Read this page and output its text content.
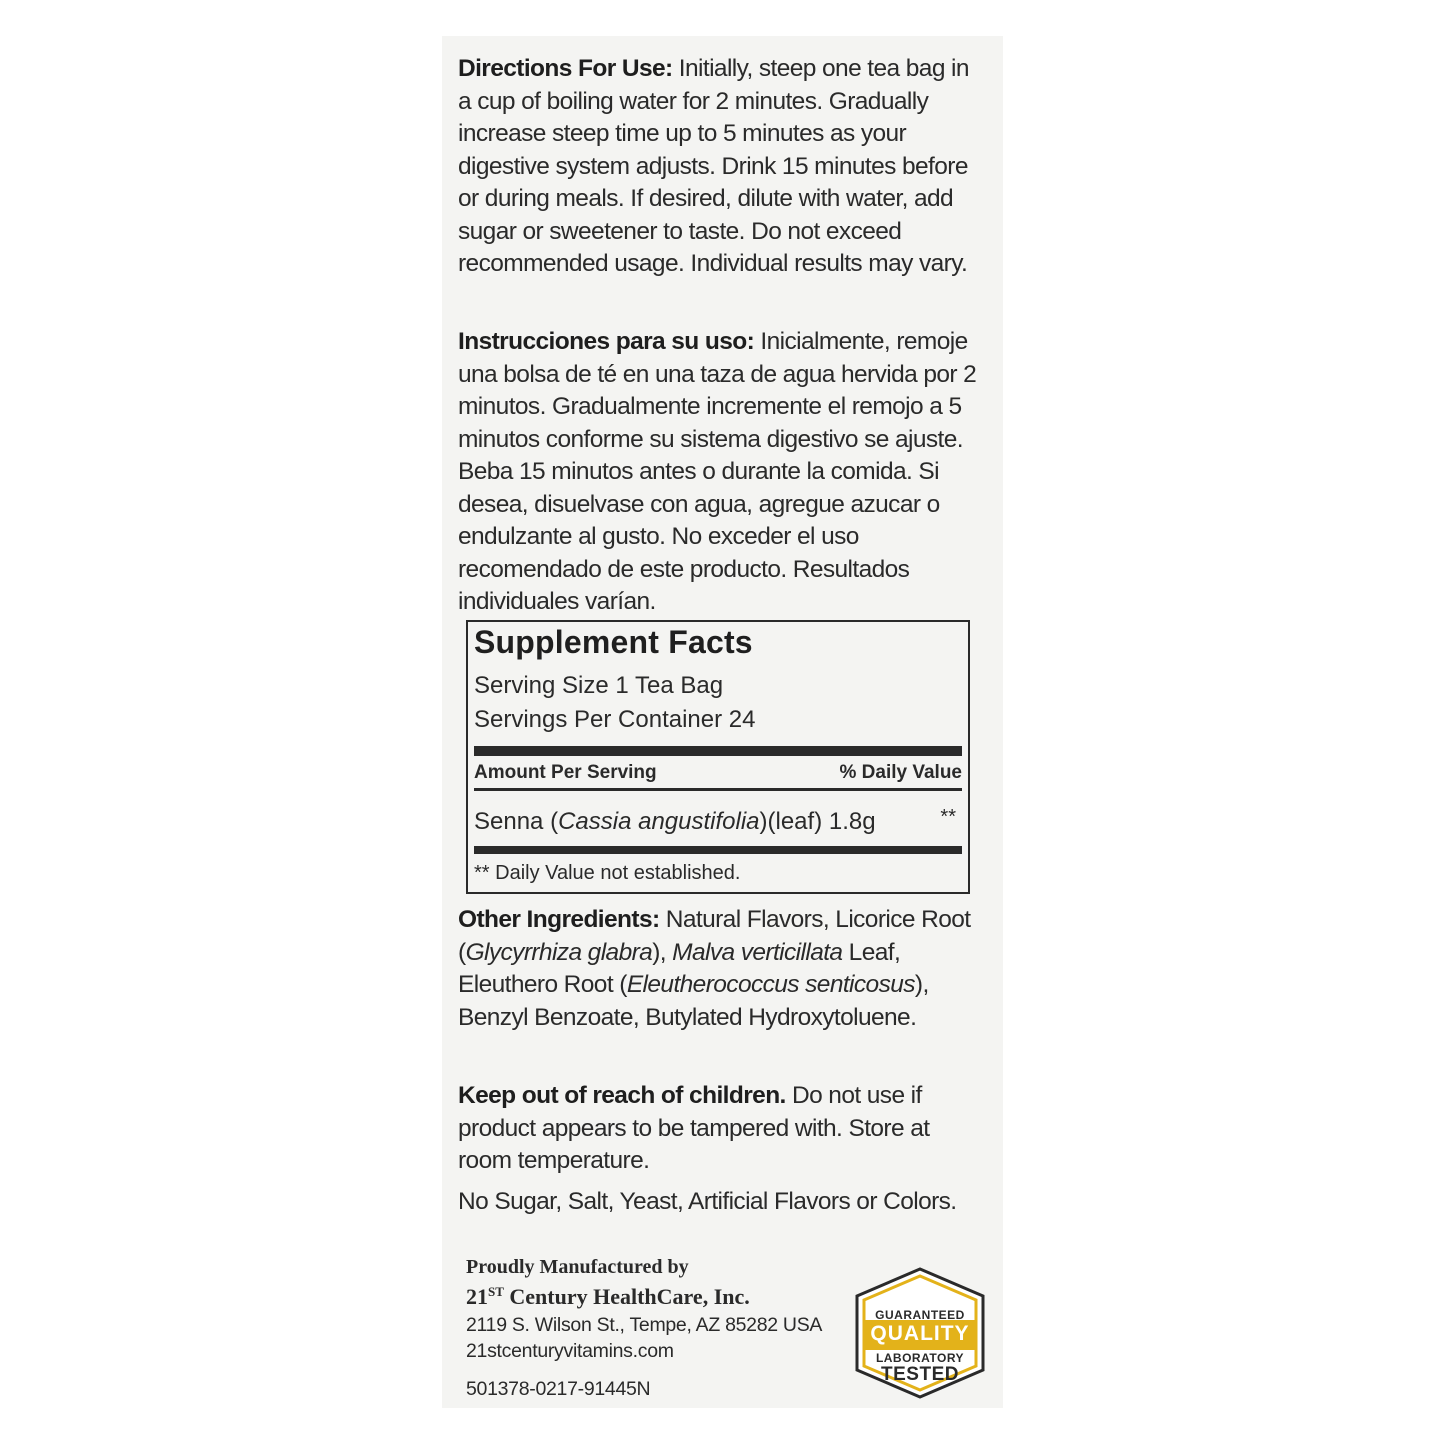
Directions For Use: Initially, steep one tea bag in a cup of boiling water for 2 minutes. Gradually increase steep time up to 5 minutes as your digestive system adjusts. Drink 15 minutes before or during meals. If desired, dilute with water, add sugar or sweetener to taste. Do not exceed recommended usage. Individual results may vary.
Instrucciones para su uso: Inicialmente, remoje una bolsa de té en una taza de agua hervida por 2 minutos. Gradualmente incremente el remojo a 5 minutos conforme su sistema digestivo se ajuste. Beba 15 minutos antes o durante la comida. Si desea, disuelvase con agua, agregue azucar o endulzante al gusto. No exceder el uso recomendado de este producto. Resultados individuales varían.
Supplement Facts
Serving Size 1 Tea Bag
Servings Per Container 24
Amount Per Serving	% Daily Value
Senna (Cassia angustifolia)(leaf) 1.8g	**
** Daily Value not established.
Other Ingredients: Natural Flavors, Licorice Root (Glycyrrhiza glabra), Malva verticillata Leaf, Eleuthero Root (Eleutherococcus senticosus), Benzyl Benzoate, Butylated Hydroxytoluene.
Keep out of reach of children. Do not use if product appears to be tampered with. Store at room temperature.
No Sugar, Salt, Yeast, Artificial Flavors or Colors.
Proudly Manufactured by
21ST Century HealthCare, Inc.
2119 S. Wilson St., Tempe, AZ 85282 USA
21stcenturyvitamins.com
501378-0217-91445N
GUARANTEED
QUALITY
LABORATORY
TESTED
